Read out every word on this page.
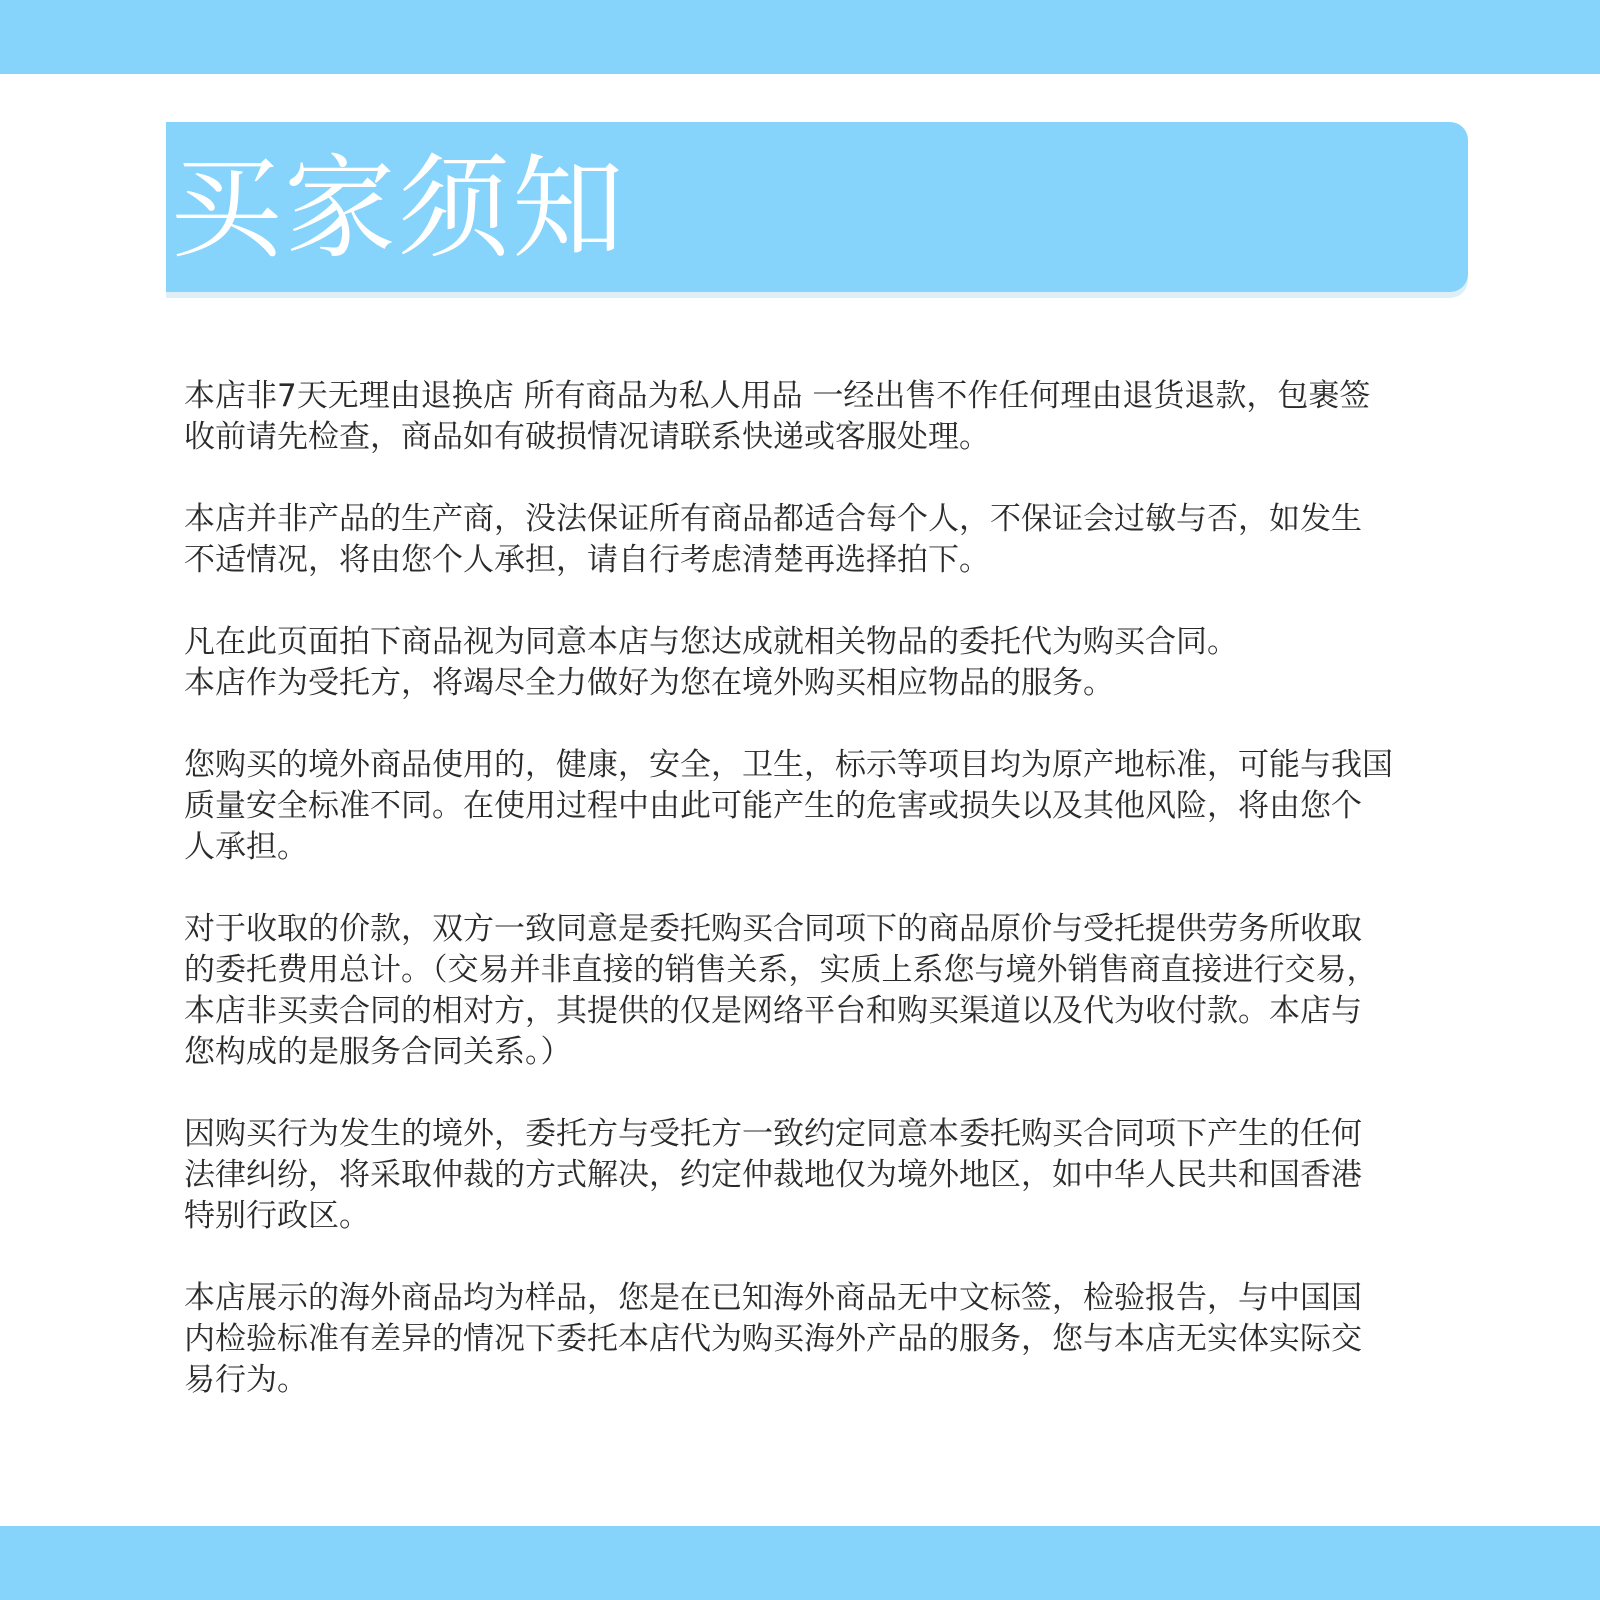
买家须知
本店非7天无理由退换店 所有商品为私人用品 一经出售不作任何理由退货退款，包裹签
收前请先检查，商品如有破损情况请联系快递或客服处理。
本店并非产品的生产商，没法保证所有商品都适合每个人，不保证会过敏与否，如发生
不适情况，将由您个人承担，请自行考虑清楚再选择拍下。
凡在此页面拍下商品视为同意本店与您达成就相关物品的委托代为购买合同。
本店作为受托方，将竭尽全力做好为您在境外购买相应物品的服务。
您购买的境外商品使用的，健康，安全，卫生，标示等项目均为原产地标准，可能与我国
质量安全标准不同。在使用过程中由此可能产生的危害或损失以及其他风险，将由您个
人承担。
对于收取的价款，双方一致同意是委托购买合同项下的商品原价与受托提供劳务所收取
的委托费用总计。（交易并非直接的销售关系，实质上系您与境外销售商直接进行交易，
本店非买卖合同的相对方，其提供的仅是网络平台和购买渠道以及代为收付款。本店与
您构成的是服务合同关系。）
因购买行为发生的境外，委托方与受托方一致约定同意本委托购买合同项下产生的任何
法律纠纷，将采取仲裁的方式解决，约定仲裁地仅为境外地区，如中华人民共和国香港
特别行政区。
本店展示的海外商品均为样品，您是在已知海外商品无中文标签，检验报告，与中国国
内检验标准有差异的情况下委托本店代为购买海外产品的服务，您与本店无实体实际交
易行为。
